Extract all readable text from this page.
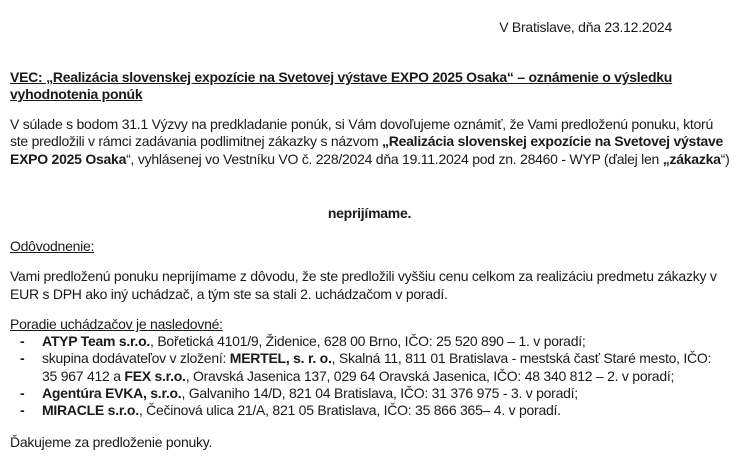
V Bratislave, dňa 23.12.2024
VEC: „Realizácia slovenskej expozície na Svetovej výstave EXPO 2025 Osaka“ – oznámenie o výsledku
vyhodnotenia ponúk
V súlade s bodom 31.1 Výzvy na predkladanie ponúk, si Vám dovoľujeme oznámiť, že Vami predloženú ponuku, ktorú
ste predložili v rámci zadávania podlimitnej zákazky s názvom „Realizácia slovenskej expozície na Svetovej výstave
EXPO 2025 Osaka“, vyhlásenej vo Vestníku VO č. 228/2024 dňa 19.11.2024 pod zn. 28460 - WYP (ďalej len „zákazka“)
neprijímame.
Odôvodnenie:
Vami predloženú ponuku neprijímame z dôvodu, že ste predložili vyššiu cenu celkom za realizáciu predmetu zákazky v
EUR s DPH ako iný uchádzač, a tým ste sa stali 2. uchádzačom v poradí.
Poradie uchádzačov je nasledovné:
- ATYP Team s.r.o., Bořetická 4101/9, Židenice, 628 00 Brno, IČO: 25 520 890 – 1. v poradí;
- skupina dodávateľov v zložení: MERTEL, s. r. o., Skalná 11, 811 01 Bratislava - mestská časť Staré mesto, IČO:
35 967 412 a FEX s.r.o., Oravská Jasenica 137, 029 64 Oravská Jasenica, IČO: 48 340 812 – 2. v poradí;
- Agentúra EVKA, s.r.o., Galvaniho 14/D, 821 04 Bratislava, IČO: 31 376 975 - 3. v poradí;
- MIRACLE s.r.o., Čečinová ulica 21/A, 821 05 Bratislava, IČO: 35 866 365– 4. v poradí.
Ďakujeme za predloženie ponuky.
